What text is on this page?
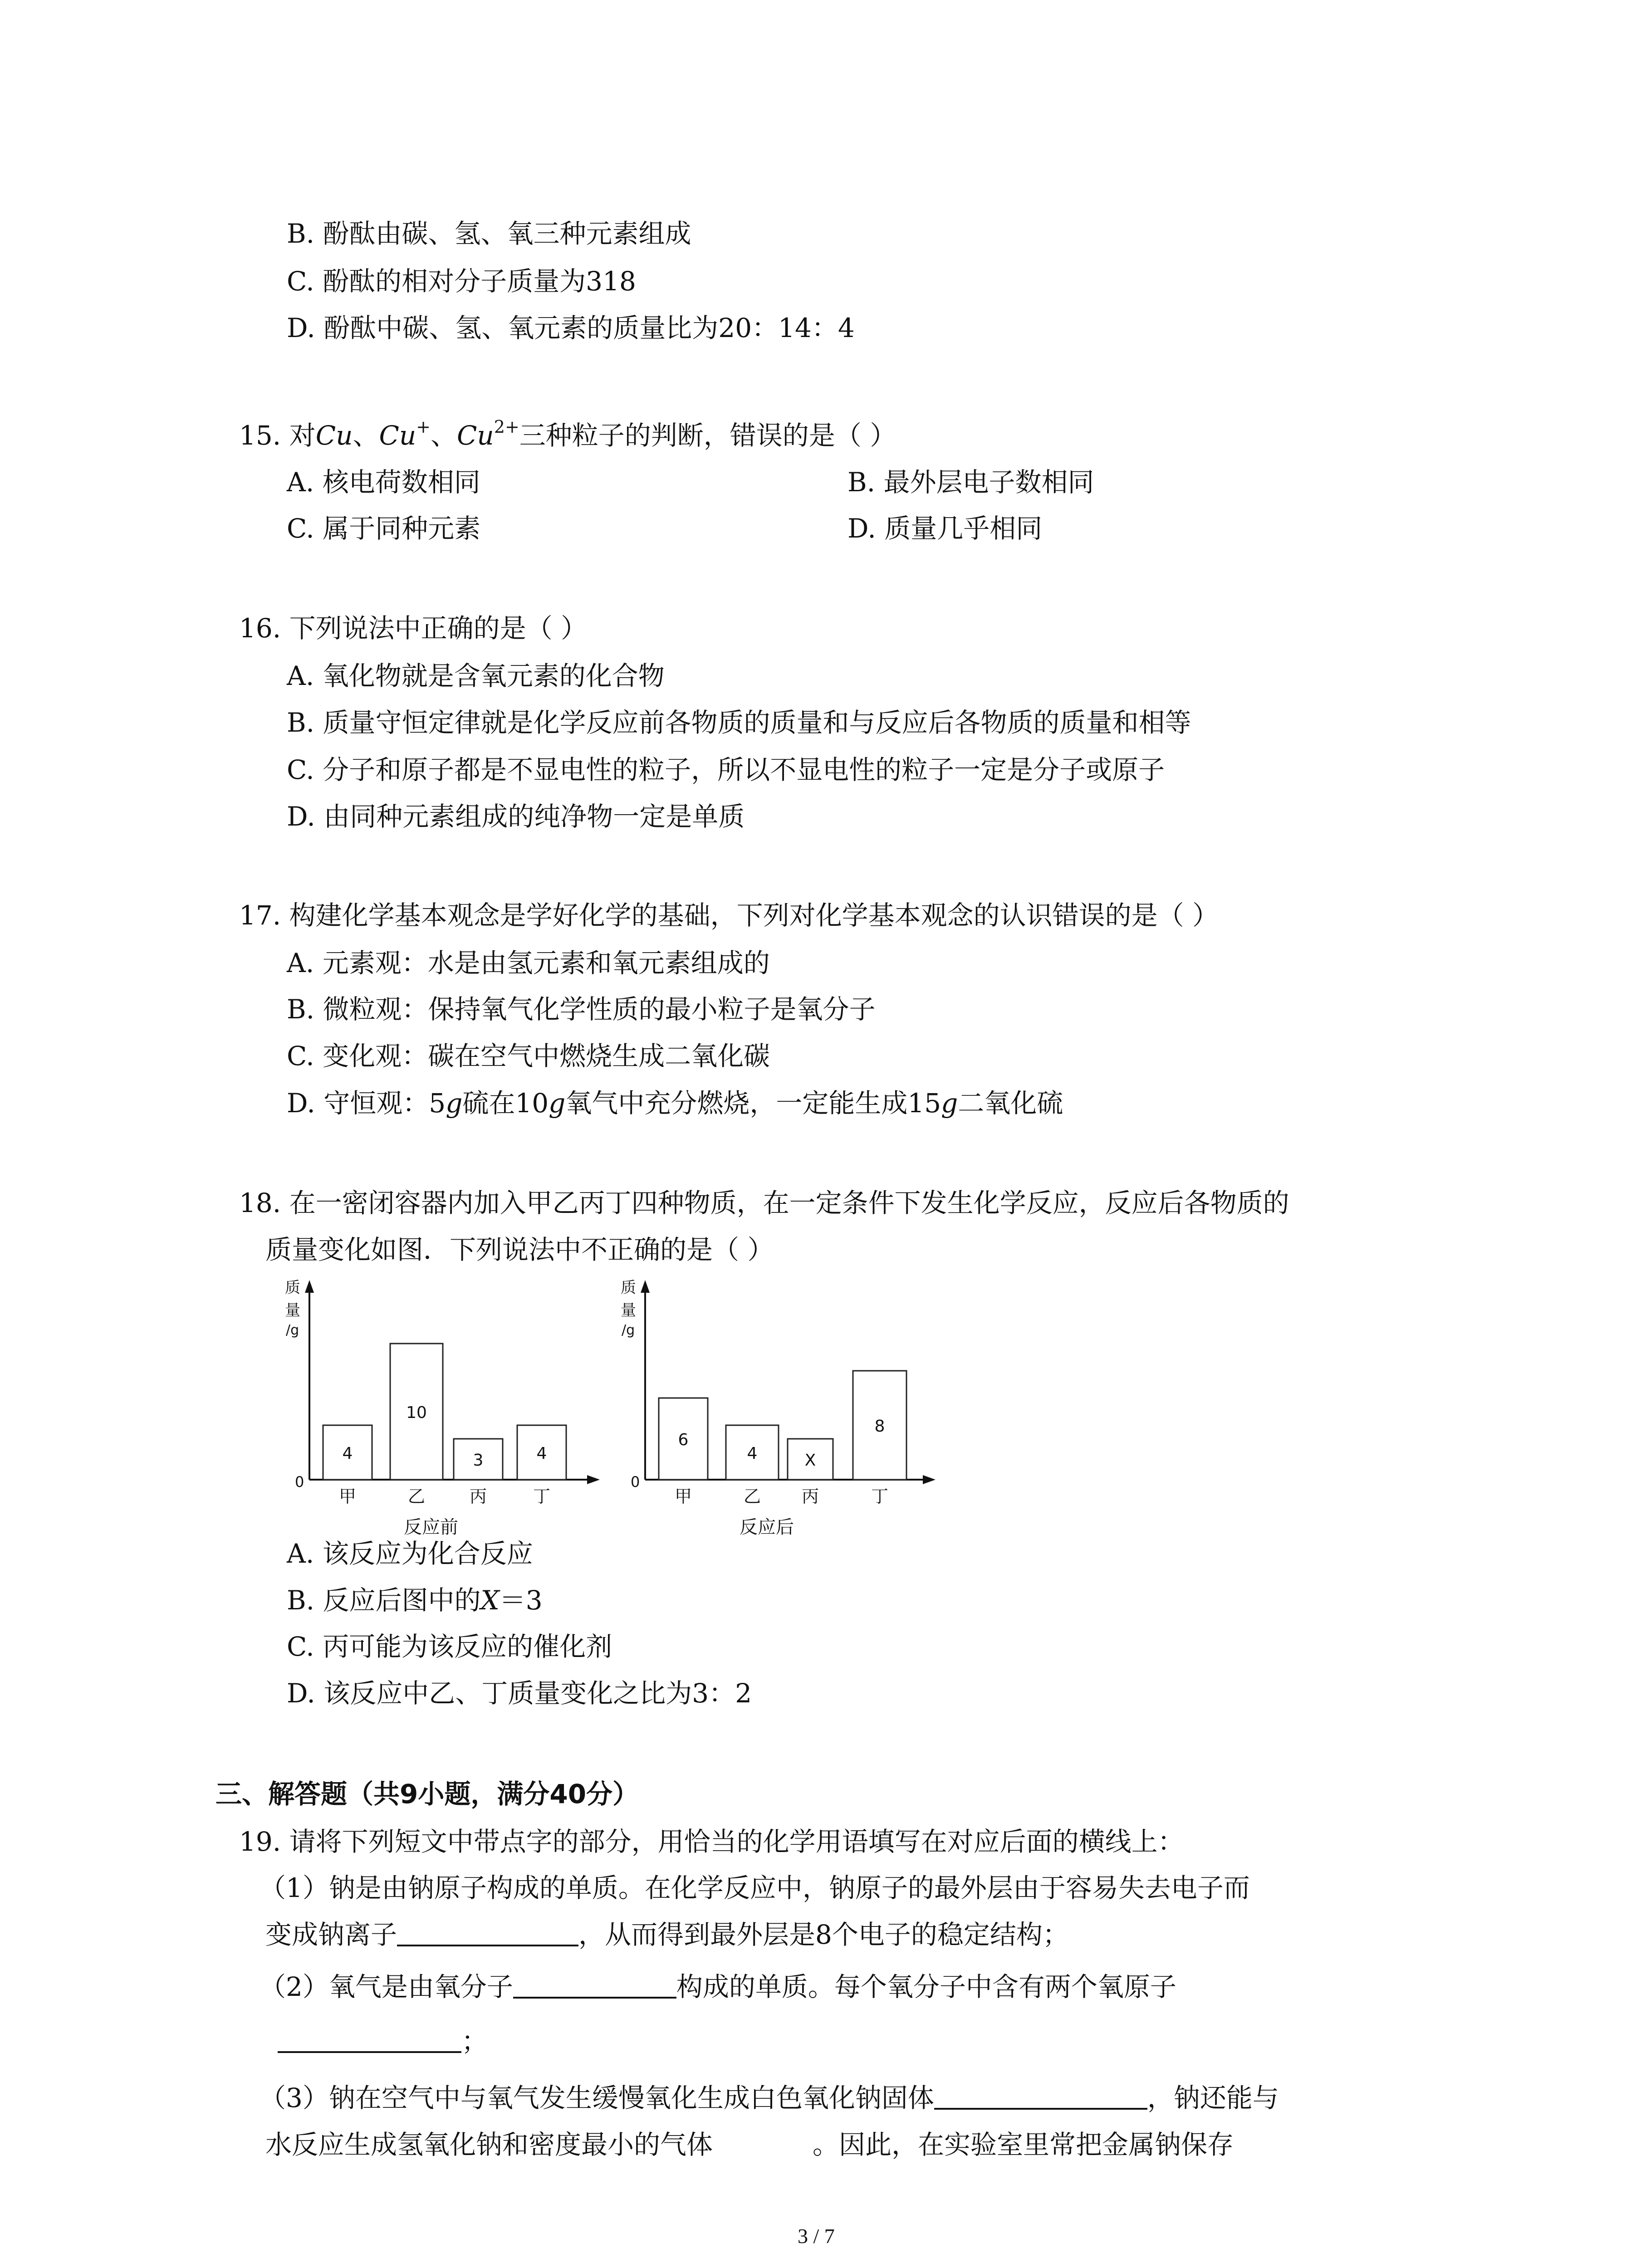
B. 酚酞由碳、氢、氧三种元素组成
C. 酚酞的相对分子质量为318
D. 酚酞中碳、氢、氧元素的质量比为20：14：4
15. 对Cu、Cu+、$Cu^{2+}$三种粒子的判断，错误的是（ ）
A. 核电荷数相同	B. 最外层电子数相同
C. 属于同种元素	D. 质量几乎相同
16. 下列说法中正确的是（ ）
A. 氧化物就是含氧元素的化合物
B. 质量守恒定律就是化学反应前各物质的质量和与反应后各物质的质量和相等
C. 分子和原子都是不显电性的粒子，所以不显电性的粒子一定是分子或原子
D. 由同种元素组成的纯净物一定是单质
17. 构建化学基本观念是学好化学的基础，下列对化学基本观念的认识错误的是（ ）
A. 元素观：水是由氢元素和氧元素组成的
B. 微粒观：保持氧气化学性质的最小粒子是氧分子
C. 变化观：碳在空气中燃烧生成二氧化碳
D. 守恒观：5g硫在10g氧气中充分燃烧，一定能生成15g二氧化硫
18. 在一密闭容器内加入甲乙丙丁四种物质，在一定条件下发生化学反应，反应后各物质的
质量变化如图．下列说法中不正确的是（ ）
质
量
/g
0
4
甲
10
乙
3
丙
4
丁
反应前
质
量
/g
0
6
甲
4
乙
X
丙
8
丁
反应后
A. 该反应为化合反应
B. 反应后图中的X＝3
C. 丙可能为该反应的催化剂
D. 该反应中乙、丁质量变化之比为3：2
三、解答题（共9小题，满分40分）
19. 请将下列短文中带点字的部分，用恰当的化学用语填写在对应后面的横线上：
（1）钠是由钠原子构成的单质。在化学反应中，钠原子的最外层由于容易失去电子而
变成钠离子	，从而得到最外层是8个电子的稳定结构；
（2）氧气是由氧分子	构成的单质。每个氧分子中含有两个氧原子
；
（3）钠在空气中与氧气发生缓慢氧化生成白色氧化钠固体	，钠还能与
水反应生成氢氧化钠和密度最小的气体	。因此，在实验室里常把金属钠保存
3 / 7
